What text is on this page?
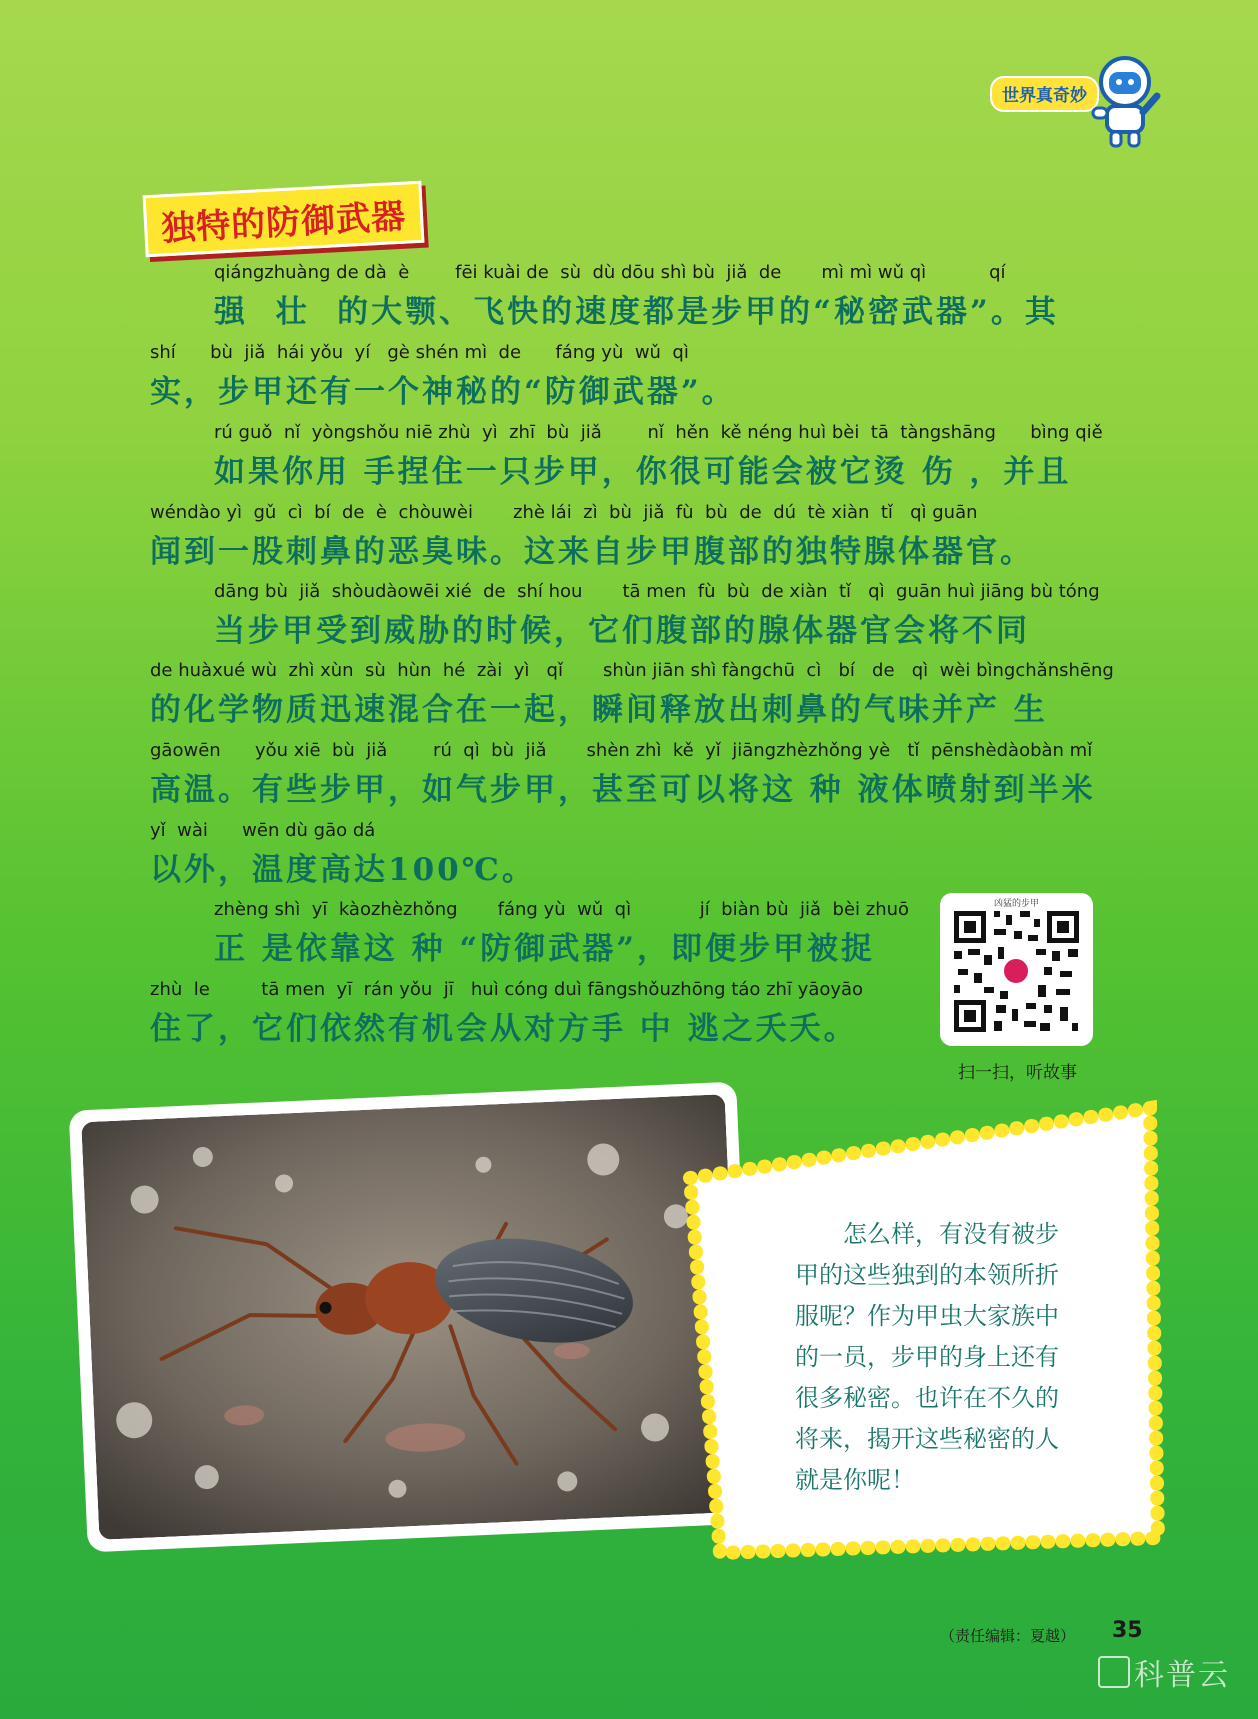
世界真奇妙
独特的防御武器
qiángzhuàng de dà  è        fēi kuài de  sù  dù dōu shì bù  jiǎ  de       mì mì wǔ qì           qí
强  壮  的大颚、飞快的速度都是步甲的“秘密武器”。其
shí      bù  jiǎ  hái yǒu  yí   gè shén mì  de      fáng yù  wǔ  qì
实，步甲还有一个神秘的“防御武器”。
rú guǒ  nǐ  yòngshǒu niē zhù  yì  zhī  bù  jiǎ        nǐ  hěn  kě néng huì bèi  tā  tàngshāng      bìng qiě
如果你用 手捏住一只步甲，你很可能会被它烫 伤 ，并且
wéndào yì  gǔ  cì  bí  de  è  chòuwèi       zhè lái  zì  bù  jiǎ  fù  bù  de  dú  tè xiàn  tǐ   qì guān
闻到一股刺鼻的恶臭味。这来自步甲腹部的独特腺体器官。
dāng bù  jiǎ  shòudàowēi xié  de  shí hou       tā men  fù  bù  de xiàn  tǐ   qì  guān huì jiāng bù tóng
当步甲受到威胁的时候，它们腹部的腺体器官会将不同
de huàxué wù  zhì xùn  sù  hùn  hé  zài  yì   qǐ       shùn jiān shì fàngchū  cì   bí   de   qì  wèi bìngchǎnshēng
的化学物质迅速混合在一起，瞬间释放出刺鼻的气味并产 生
gāowēn      yǒu xiē  bù  jiǎ        rú  qì  bù  jiǎ       shèn zhì  kě  yǐ  jiāngzhèzhǒng yè   tǐ  pēnshèdàobàn mǐ
高温。有些步甲，如气步甲，甚至可以将这 种 液体喷射到半米
yǐ  wài      wēn dù gāo dá
以外，温度高达100℃。
zhèng shì  yī  kàozhèzhǒng       fáng yù  wǔ  qì            jí  biàn bù  jiǎ  bèi zhuō
正 是依靠这 种 “防御武器”，即便步甲被捉
zhù  le         tā men  yī  rán yǒu  jī   huì cóng duì fāngshǒuzhōng táo zhī yāoyāo
住了，它们依然有机会从对方手 中 逃之夭夭。
凶猛的步甲
扫一扫，听故事

　　怎么样，有没有被步

甲的这些独到的本领所折

服呢？作为甲虫大家族中

的一员，步甲的身上还有

很多秘密。也许在不久的

将来，揭开这些秘密的人

就是你呢！

（责任编辑：夏越） 35
科普云
